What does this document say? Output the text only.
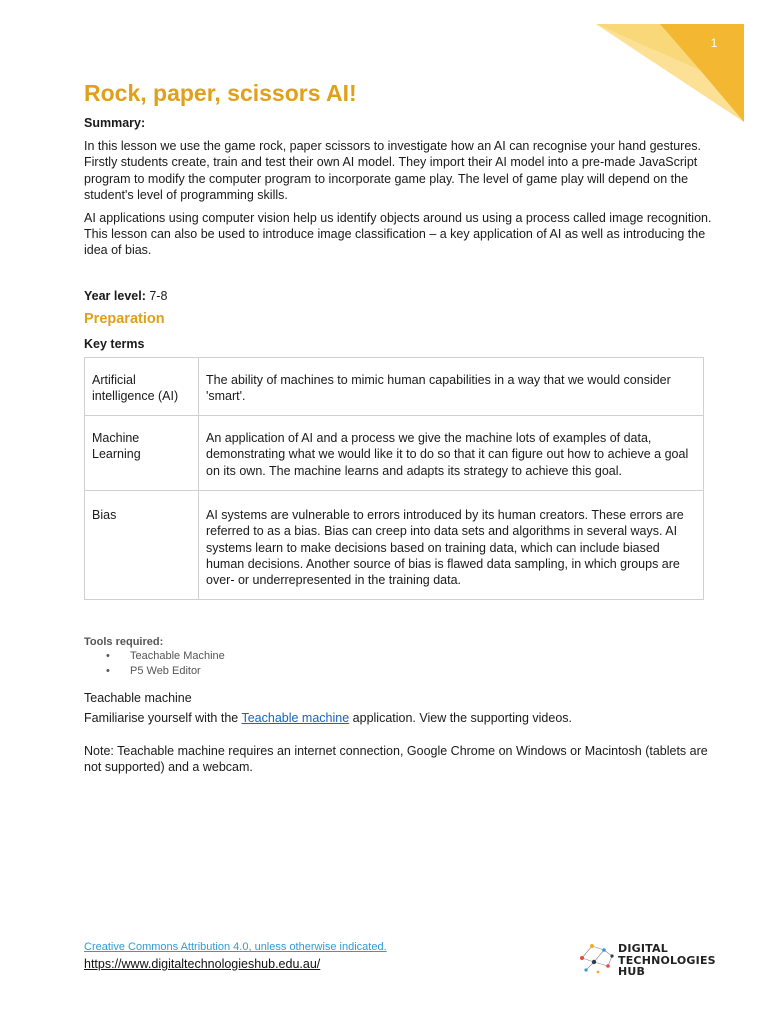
1
Rock, paper, scissors AI!
Summary:

In this lesson we use the game rock, paper scissors to investigate how an AI can recognise your hand gestures. Firstly students create, train and test their own AI model. They import their AI model into a pre-made JavaScript program to modify the computer program to incorporate game play. The level of game play will depend on the student's level of programming skills.

AI applications using computer vision help us identify objects around us using a process called image recognition. This lesson can also be used to introduce image classification – a key application of AI as well as introducing the idea of bias.

Year level: 7-8
Preparation
Key terms
Artificial intelligence (AI)	The ability of machines to mimic human capabilities in a way that we would consider 'smart'.
Machine Learning	An application of AI and a process we give the machine lots of examples of data, demonstrating what we would like it to do so that it can figure out how to achieve a goal on its own. The machine learns and adapts its strategy to achieve this goal.
Bias	AI systems are vulnerable to errors introduced by its human creators. These errors are referred to as a bias. Bias can creep into data sets and algorithms in several ways. AI systems learn to make decisions based on training data, which can include biased human decisions. Another source of bias is flawed data sampling, in which groups are over- or underrepresented in the training data.
Tools required:
• Teachable Machine
• P5 Web Editor
Teachable machine
Familiarise yourself with the Teachable machine application. View the supporting videos.

Note: Teachable machine requires an internet connection, Google Chrome on Windows or Macintosh (tablets are not supported) and a webcam.

Creative Commons Attribution 4.0, unless otherwise indicated.
https://www.digitaltechnologieshub.edu.au/
DIGITAL
TECHNOLOGIES
HUB
